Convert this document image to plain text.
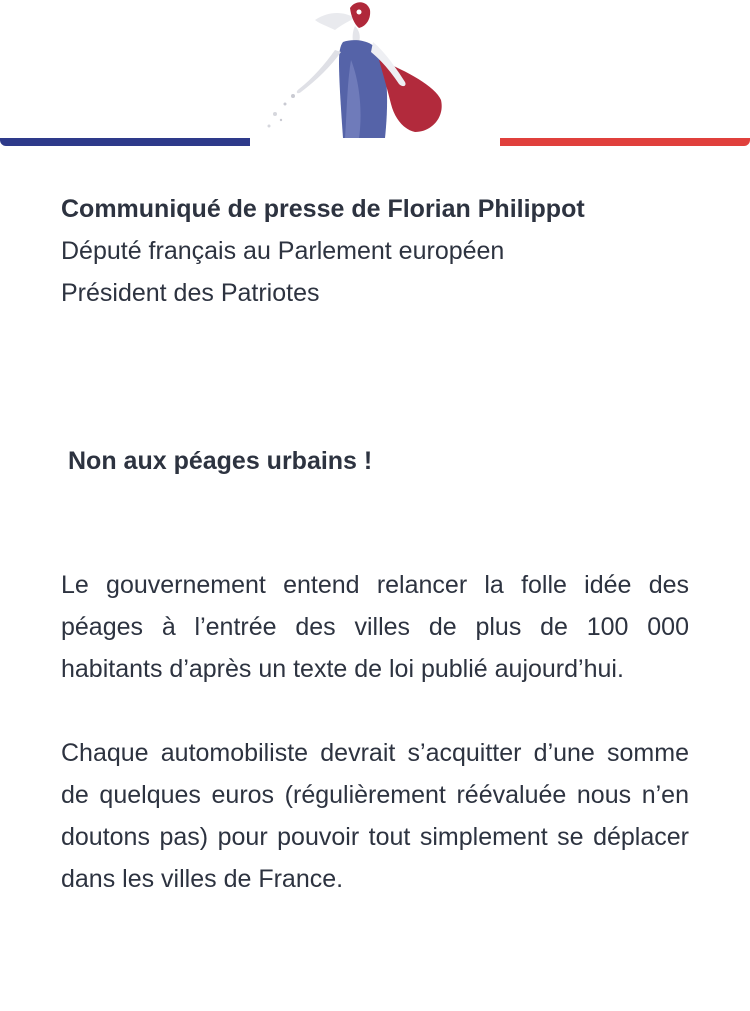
Communiqué de presse de Florian Philippot

Député français au Parlement européen

Président des Patriotes

Non aux péages urbains !

Le gouvernement entend relancer la folle idée des péages à l’entrée des villes de plus de 100 000 habitants d’après un texte de loi publié aujourd’hui.

Chaque automobiliste devrait s’acquitter d’une somme de quelques euros (régulièrement réévaluée nous n’en doutons pas) pour pouvoir tout simplement se déplacer dans les villes de France.
